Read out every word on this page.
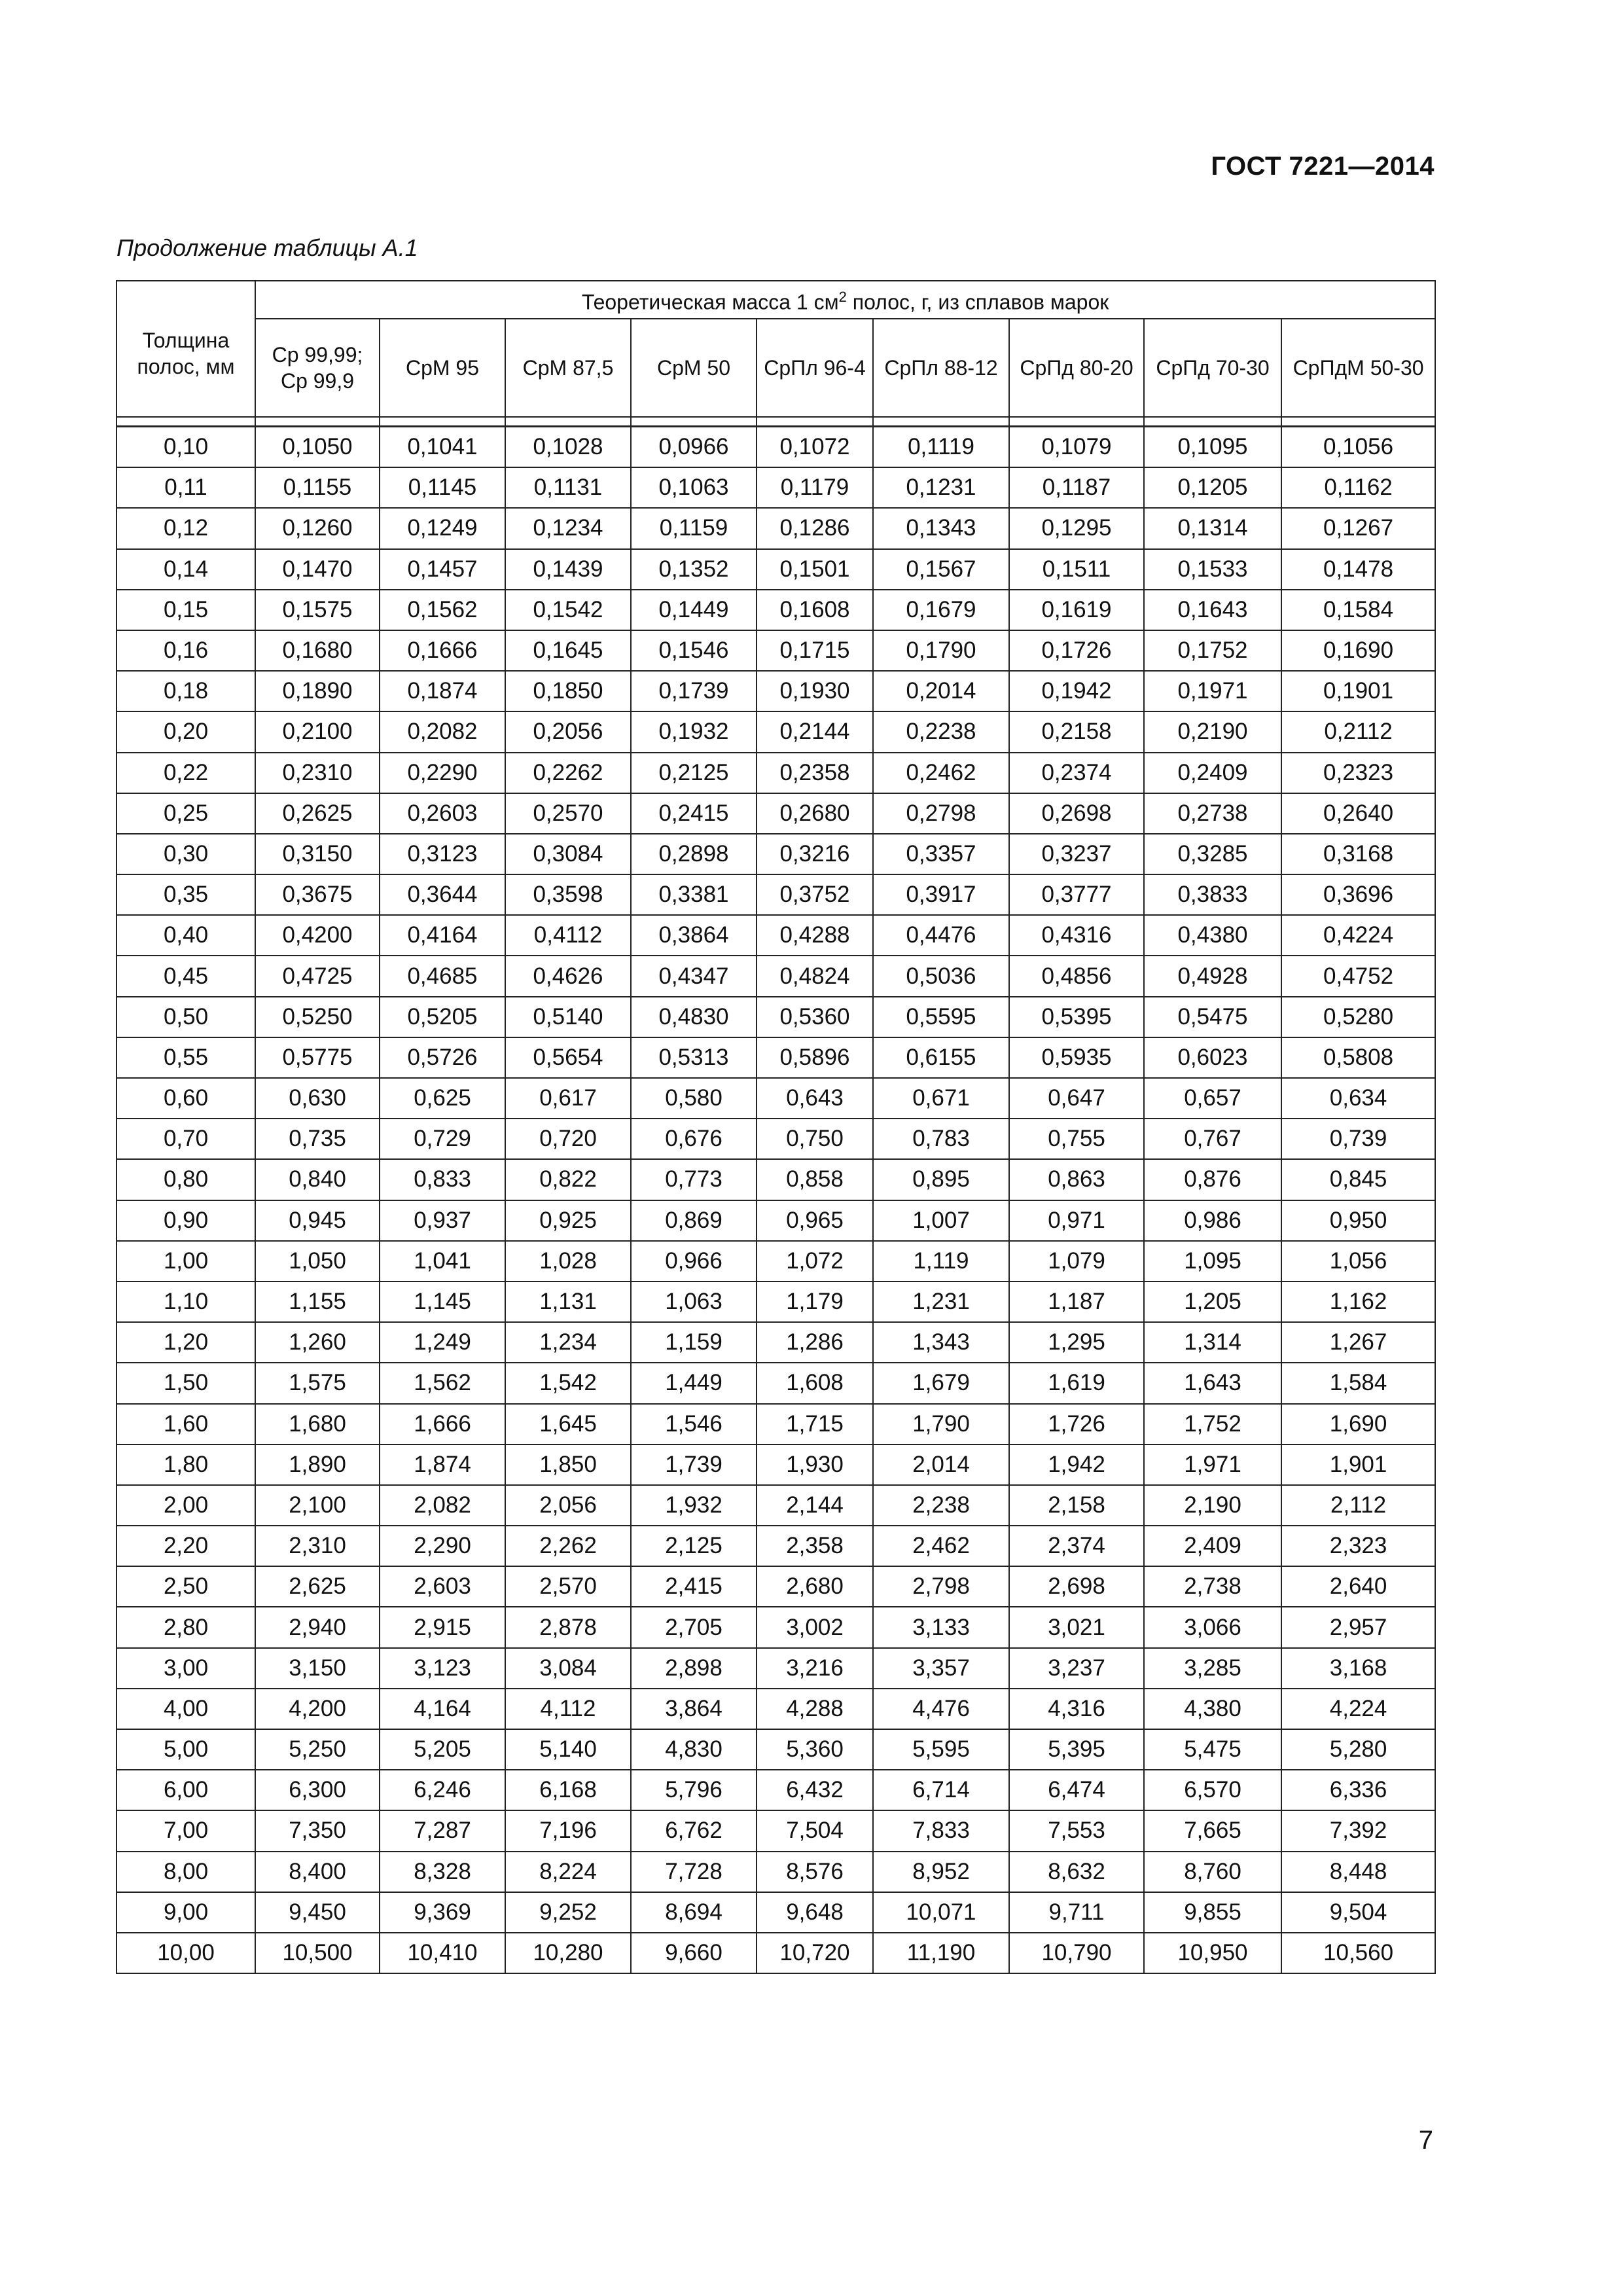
ГОСТ 7221—2014
Продолжение таблицы А.1
Толщина полос, мм	Теоретическая масса 1 $см^2$ полос, г, из сплавов марок								
	Ср 99,99; Ср 99,9	СрМ 95	СрМ 87,5	СрМ 50	СрПл 96-4	СрПл 88-12	СрПд 80-20	СрПд 70-30	СрПдМ 50-30

0,10	0,1050	0,1041	0,1028	0,0966	0,1072	0,1119	0,1079	0,1095	0,1056
0,11	0,1155	0,1145	0,1131	0,1063	0,1179	0,1231	0,1187	0,1205	0,1162
0,12	0,1260	0,1249	0,1234	0,1159	0,1286	0,1343	0,1295	0,1314	0,1267
0,14	0,1470	0,1457	0,1439	0,1352	0,1501	0,1567	0,1511	0,1533	0,1478
0,15	0,1575	0,1562	0,1542	0,1449	0,1608	0,1679	0,1619	0,1643	0,1584
0,16	0,1680	0,1666	0,1645	0,1546	0,1715	0,1790	0,1726	0,1752	0,1690
0,18	0,1890	0,1874	0,1850	0,1739	0,1930	0,2014	0,1942	0,1971	0,1901
0,20	0,2100	0,2082	0,2056	0,1932	0,2144	0,2238	0,2158	0,2190	0,2112
0,22	0,2310	0,2290	0,2262	0,2125	0,2358	0,2462	0,2374	0,2409	0,2323
0,25	0,2625	0,2603	0,2570	0,2415	0,2680	0,2798	0,2698	0,2738	0,2640
0,30	0,3150	0,3123	0,3084	0,2898	0,3216	0,3357	0,3237	0,3285	0,3168
0,35	0,3675	0,3644	0,3598	0,3381	0,3752	0,3917	0,3777	0,3833	0,3696
0,40	0,4200	0,4164	0,4112	0,3864	0,4288	0,4476	0,4316	0,4380	0,4224
0,45	0,4725	0,4685	0,4626	0,4347	0,4824	0,5036	0,4856	0,4928	0,4752
0,50	0,5250	0,5205	0,5140	0,4830	0,5360	0,5595	0,5395	0,5475	0,5280
0,55	0,5775	0,5726	0,5654	0,5313	0,5896	0,6155	0,5935	0,6023	0,5808
0,60	0,630	0,625	0,617	0,580	0,643	0,671	0,647	0,657	0,634
0,70	0,735	0,729	0,720	0,676	0,750	0,783	0,755	0,767	0,739
0,80	0,840	0,833	0,822	0,773	0,858	0,895	0,863	0,876	0,845
0,90	0,945	0,937	0,925	0,869	0,965	1,007	0,971	0,986	0,950
1,00	1,050	1,041	1,028	0,966	1,072	1,119	1,079	1,095	1,056
1,10	1,155	1,145	1,131	1,063	1,179	1,231	1,187	1,205	1,162
1,20	1,260	1,249	1,234	1,159	1,286	1,343	1,295	1,314	1,267
1,50	1,575	1,562	1,542	1,449	1,608	1,679	1,619	1,643	1,584
1,60	1,680	1,666	1,645	1,546	1,715	1,790	1,726	1,752	1,690
1,80	1,890	1,874	1,850	1,739	1,930	2,014	1,942	1,971	1,901
2,00	2,100	2,082	2,056	1,932	2,144	2,238	2,158	2,190	2,112
2,20	2,310	2,290	2,262	2,125	2,358	2,462	2,374	2,409	2,323
2,50	2,625	2,603	2,570	2,415	2,680	2,798	2,698	2,738	2,640
2,80	2,940	2,915	2,878	2,705	3,002	3,133	3,021	3,066	2,957
3,00	3,150	3,123	3,084	2,898	3,216	3,357	3,237	3,285	3,168
4,00	4,200	4,164	4,112	3,864	4,288	4,476	4,316	4,380	4,224
5,00	5,250	5,205	5,140	4,830	5,360	5,595	5,395	5,475	5,280
6,00	6,300	6,246	6,168	5,796	6,432	6,714	6,474	6,570	6,336
7,00	7,350	7,287	7,196	6,762	7,504	7,833	7,553	7,665	7,392
8,00	8,400	8,328	8,224	7,728	8,576	8,952	8,632	8,760	8,448
9,00	9,450	9,369	9,252	8,694	9,648	10,071	9,711	9,855	9,504
10,00	10,500	10,410	10,280	9,660	10,720	11,190	10,790	10,950	10,560
7
